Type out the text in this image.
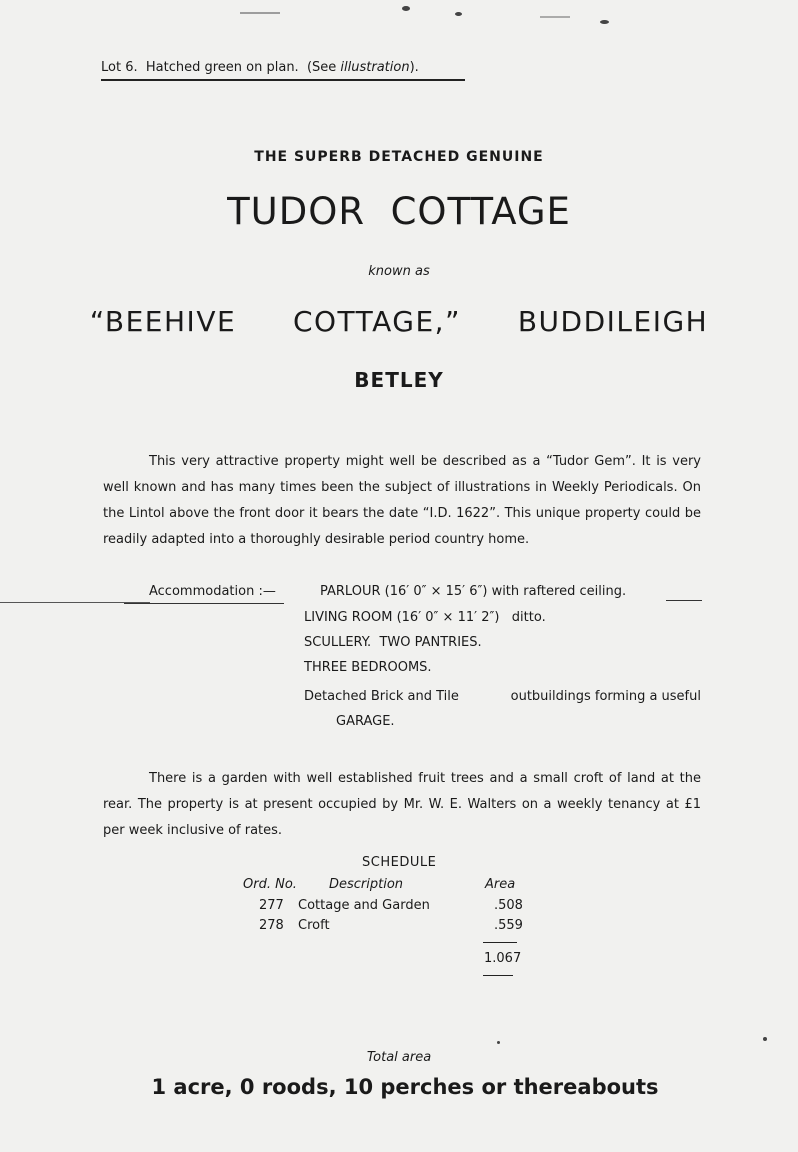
Lot 6. Hatched green on plan. (See illustration).
THE SUPERB DETACHED GENUINE
TUDOR  COTTAGE
known as
“BEEHIVE  COTTAGE,”  BUDDILEIGH
BETLEY

This very attractive property might well be described as a “Tudor Gem”. It is very well known and has many times been the subject of illustrations in Weekly Periodicals. On the Lintol above the front door it bears the date “I.D. 1622”. This unique property could be readily adapted into a thoroughly desirable period country home.

Accommodation :—	PARLOUR (16′ 0″ × 15′ 6″) with raftered ceiling.
LIVING ROOM (16′ 0″ × 11′ 2″)   ditto.
SCULLERY.  TWO PANTRIES.
THREE BEDROOMS.
Detached Brick and Tile	outbuildings forming a useful
GARAGE.

There is a garden with well established fruit trees and a small croft of land at the rear. The property is at present occupied by Mr. W. E. Walters on a weekly tenancy at £1 per week inclusive of rates.

SCHEDULE
Ord. No. Description	Area
277 Cottage and Garden	.508
278 Croft	.559
1.067
Total area
1 acre, 0 roods, 10 perches or thereabouts
